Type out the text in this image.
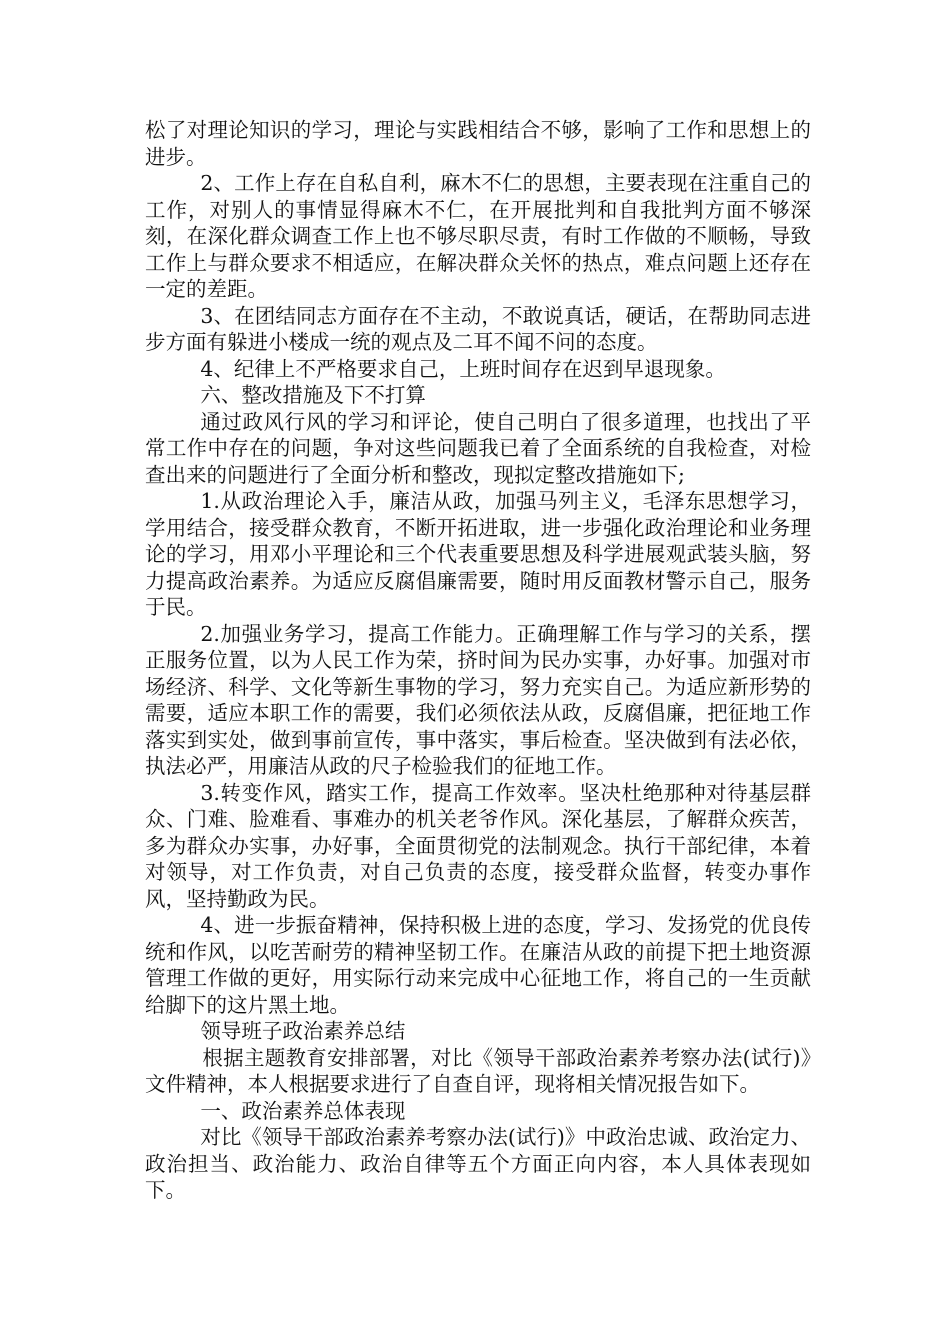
松了对理论知识的学习，理论与实践相结合不够，影响了工作和思想上的进步。

2、工作上存在自私自利，麻木不仁的思想，主要表现在注重自己的工作，对别人的事情显得麻木不仁，在开展批判和自我批判方面不够深刻，在深化群众调查工作上也不够尽职尽责，有时工作做的不顺畅，导致工作上与群众要求不相适应，在解决群众关怀的热点，难点问题上还存在一定的差距。

3、在团结同志方面存在不主动，不敢说真话，硬话，在帮助同志进步方面有躲进小楼成一统的观点及二耳不闻不问的态度。

4、纪律上不严格要求自己，上班时间存在迟到早退现象。

六、整改措施及下不打算

通过政风行风的学习和评论，使自己明白了很多道理，也找出了平常工作中存在的问题，争对这些问题我已着了全面系统的自我检查，对检查出来的问题进行了全面分析和整改，现拟定整改措施如下;

1.从政治理论入手，廉洁从政，加强马列主义，毛泽东思想学习，学用结合，接受群众教育，不断开拓进取，进一步强化政治理论和业务理论的学习，用邓小平理论和三个代表重要思想及科学进展观武装头脑，努力提高政治素养。为适应反腐倡廉需要，随时用反面教材警示自己，服务于民。

2.加强业务学习，提高工作能力。正确理解工作与学习的关系，摆正服务位置，以为人民工作为荣，挤时间为民办实事，办好事。加强对市场经济、科学、文化等新生事物的学习，努力充实自己。为适应新形势的需要，适应本职工作的需要，我们必须依法从政，反腐倡廉，把征地工作落实到实处，做到事前宣传，事中落实，事后检查。坚决做到有法必依，执法必严，用廉洁从政的尺子检验我们的征地工作。

3.转变作风，踏实工作，提高工作效率。坚决杜绝那种对待基层群众、门难、脸难看、事难办的机关老爷作风。深化基层，了解群众疾苦，多为群众办实事，办好事，全面贯彻党的法制观念。执行干部纪律，本着对领导，对工作负责，对自己负责的态度，接受群众监督，转变办事作风，坚持勤政为民。

4、进一步振奋精神，保持积极上进的态度，学习、发扬党的优良传统和作风，以吃苦耐劳的精神坚韧工作。在廉洁从政的前提下把土地资源管理工作做的更好，用实际行动来完成中心征地工作，将自己的一生贡献给脚下的这片黑土地。

领导班子政治素养总结

根据主题教育安排部署，对比《领导干部政治素养考察办法(试行)》文件精神，本人根据要求进行了自查自评，现将相关情况报告如下。

一、政治素养总体表现

对比《领导干部政治素养考察办法(试行)》中政治忠诚、政治定力、政治担当、政治能力、政治自律等五个方面正向内容，本人具体表现如下。
